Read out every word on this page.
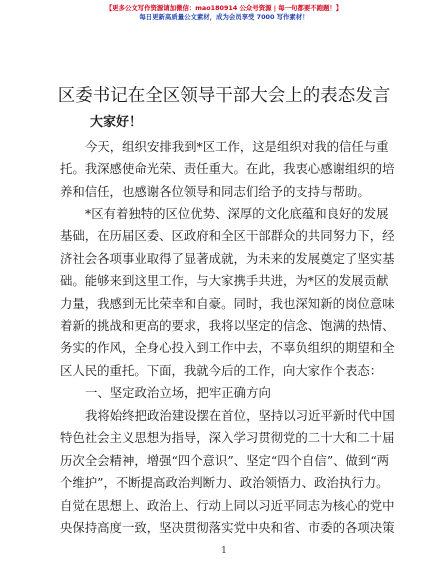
【更多公文写作资源请加微信：mao180914 公众号资源 | 每一句都要不跑题！】
每日更新高质量公文素材，成为会员享受 7000 写作素材！
区委书记在全区领导干部大会上的表态发言
大家好！
今天，组织安排我到*区工作，这是组织对我的信任与重
托。我深感使命光荣、责任重大。在此，我衷心感谢组织的培
养和信任，也感谢各位领导和同志们给予的支持与帮助。
*区有着独特的区位优势、深厚的文化底蕴和良好的发展
基础，在历届区委、区政府和全区干部群众的共同努力下，经
济社会各项事业取得了显著成就，为未来的发展奠定了坚实基
础。能够来到这里工作，与大家携手共进，为*区的发展贡献
力量，我感到无比荣幸和自豪。同时，我也深知新的岗位意味
着新的挑战和更高的要求，我将以坚定的信念、饱满的热情、
务实的作风，全身心投入到工作中去，不辜负组织的期望和全
区人民的重托。下面，我就今后的工作，向大家作个表态：
一、坚定政治立场，把牢正确方向
我将始终把政治建设摆在首位，坚持以习近平新时代中国
特色社会主义思想为指导，深入学习贯彻党的二十大和二十届
历次全会精神，增强“四个意识”、坚定“四个自信”、做到“两
个维护”，不断提高政治判断力、政治领悟力、政治执行力。
自觉在思想上、政治上、行动上同以习近平同志为核心的党中
央保持高度一致，坚决贯彻落实党中央和省、市委的各项决策
1
